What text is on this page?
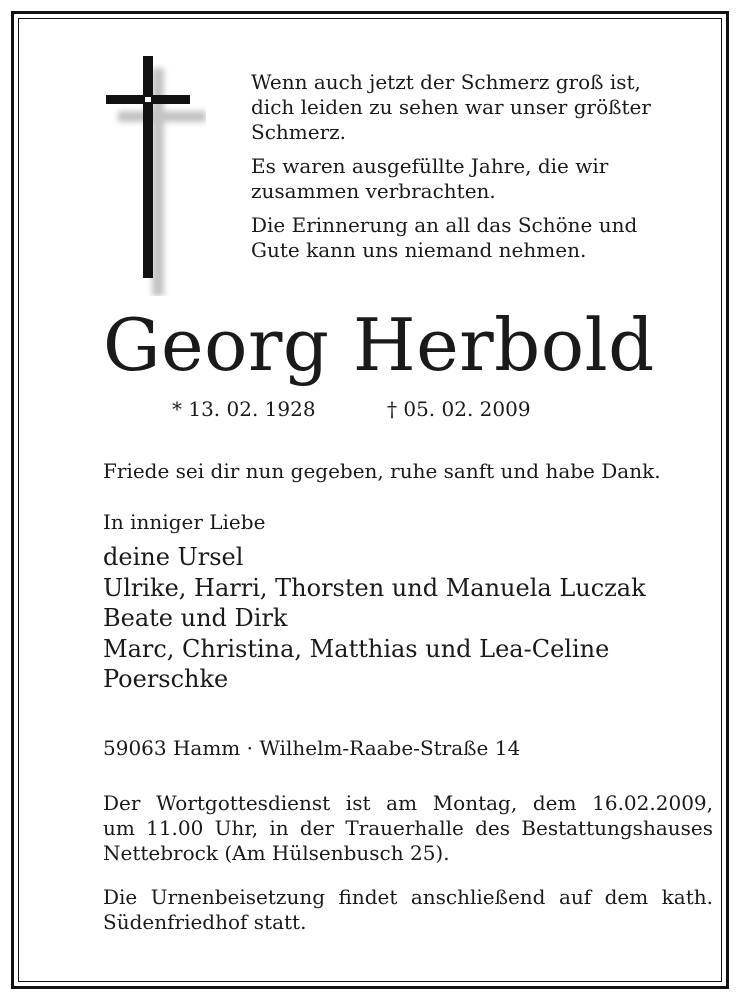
Wenn auch jetzt der Schmerz groß ist,
dich leiden zu sehen war unser größter
Schmerz.

Es waren ausgefüllte Jahre, die wir
zusammen verbrachten.

Die Erinnerung an all das Schöne und
Gute kann uns niemand nehmen.

Georg Herbold
* 13. 02. 1928	† 05. 02. 2009
Friede sei dir nun gegeben, ruhe sanft und habe Dank.
In inniger Liebe
deine Ursel
Ulrike, Harri, Thorsten und Manuela Luczak
Beate und Dirk
Marc, Christina, Matthias und Lea-Celine
Poerschke
59063 Hamm · Wilhelm-Raabe-Straße 14
Der Wortgottesdienst ist am Montag, dem 16.02.2009,
um 11.00 Uhr, in der Trauerhalle des Bestattungshauses
Nettebrock (Am Hülsenbusch 25).
Die Urnenbeisetzung findet anschließend auf dem kath.
Südenfriedhof statt.
